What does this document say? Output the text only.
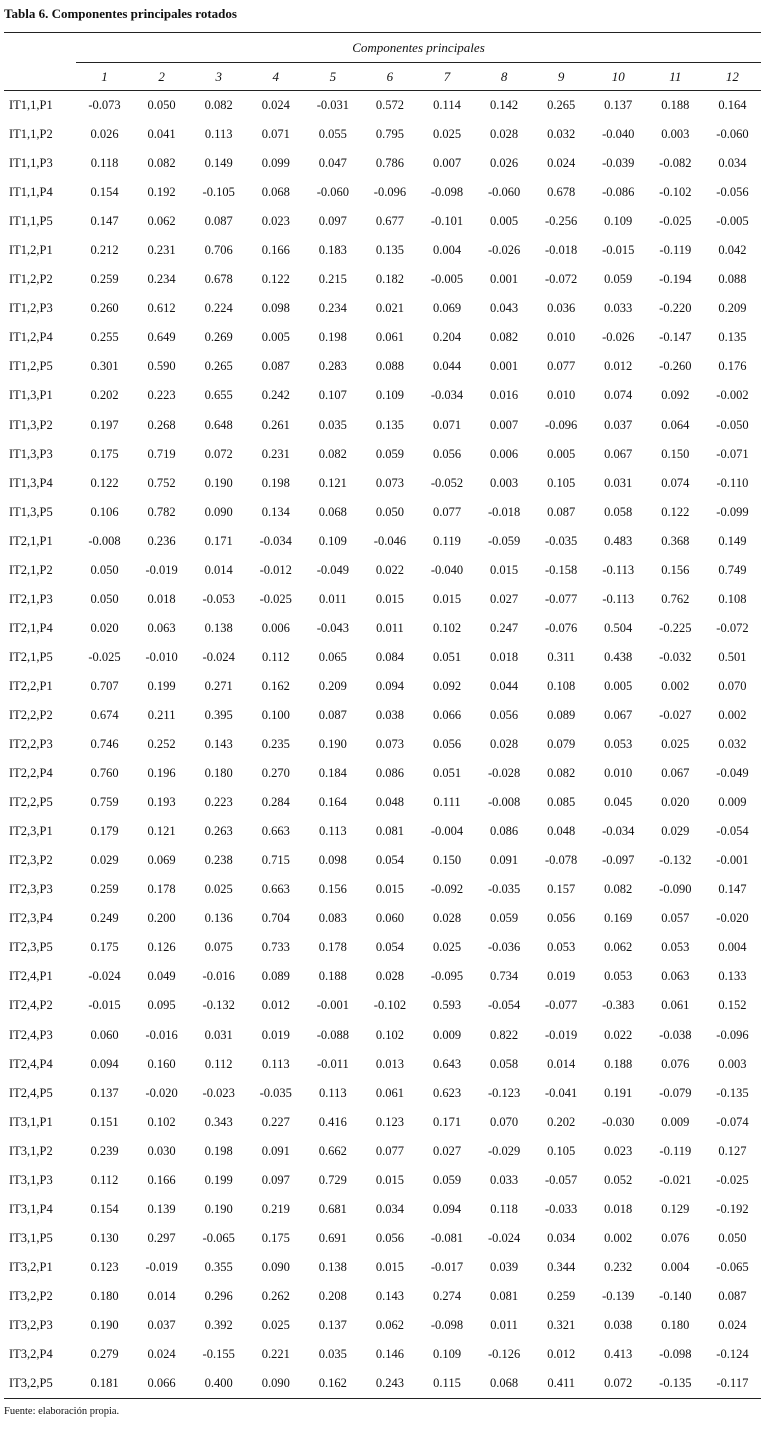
Tabla 6. Componentes principales rotados
	Componentes principales											
	1	2	3	4	5	6	7	8	9	10	11	12
IT1,1,P1	-0.073	0.050	0.082	0.024	-0.031	0.572	0.114	0.142	0.265	0.137	0.188	0.164
IT1,1,P2	0.026	0.041	0.113	0.071	0.055	0.795	0.025	0.028	0.032	-0.040	0.003	-0.060
IT1,1,P3	0.118	0.082	0.149	0.099	0.047	0.786	0.007	0.026	0.024	-0.039	-0.082	0.034
IT1,1,P4	0.154	0.192	-0.105	0.068	-0.060	-0.096	-0.098	-0.060	0.678	-0.086	-0.102	-0.056
IT1,1,P5	0.147	0.062	0.087	0.023	0.097	0.677	-0.101	0.005	-0.256	0.109	-0.025	-0.005
IT1,2,P1	0.212	0.231	0.706	0.166	0.183	0.135	0.004	-0.026	-0.018	-0.015	-0.119	0.042
IT1,2,P2	0.259	0.234	0.678	0.122	0.215	0.182	-0.005	0.001	-0.072	0.059	-0.194	0.088
IT1,2,P3	0.260	0.612	0.224	0.098	0.234	0.021	0.069	0.043	0.036	0.033	-0.220	0.209
IT1,2,P4	0.255	0.649	0.269	0.005	0.198	0.061	0.204	0.082	0.010	-0.026	-0.147	0.135
IT1,2,P5	0.301	0.590	0.265	0.087	0.283	0.088	0.044	0.001	0.077	0.012	-0.260	0.176
IT1,3,P1	0.202	0.223	0.655	0.242	0.107	0.109	-0.034	0.016	0.010	0.074	0.092	-0.002
IT1,3,P2	0.197	0.268	0.648	0.261	0.035	0.135	0.071	0.007	-0.096	0.037	0.064	-0.050
IT1,3,P3	0.175	0.719	0.072	0.231	0.082	0.059	0.056	0.006	0.005	0.067	0.150	-0.071
IT1,3,P4	0.122	0.752	0.190	0.198	0.121	0.073	-0.052	0.003	0.105	0.031	0.074	-0.110
IT1,3,P5	0.106	0.782	0.090	0.134	0.068	0.050	0.077	-0.018	0.087	0.058	0.122	-0.099
IT2,1,P1	-0.008	0.236	0.171	-0.034	0.109	-0.046	0.119	-0.059	-0.035	0.483	0.368	0.149
IT2,1,P2	0.050	-0.019	0.014	-0.012	-0.049	0.022	-0.040	0.015	-0.158	-0.113	0.156	0.749
IT2,1,P3	0.050	0.018	-0.053	-0.025	0.011	0.015	0.015	0.027	-0.077	-0.113	0.762	0.108
IT2,1,P4	0.020	0.063	0.138	0.006	-0.043	0.011	0.102	0.247	-0.076	0.504	-0.225	-0.072
IT2,1,P5	-0.025	-0.010	-0.024	0.112	0.065	0.084	0.051	0.018	0.311	0.438	-0.032	0.501
IT2,2,P1	0.707	0.199	0.271	0.162	0.209	0.094	0.092	0.044	0.108	0.005	0.002	0.070
IT2,2,P2	0.674	0.211	0.395	0.100	0.087	0.038	0.066	0.056	0.089	0.067	-0.027	0.002
IT2,2,P3	0.746	0.252	0.143	0.235	0.190	0.073	0.056	0.028	0.079	0.053	0.025	0.032
IT2,2,P4	0.760	0.196	0.180	0.270	0.184	0.086	0.051	-0.028	0.082	0.010	0.067	-0.049
IT2,2,P5	0.759	0.193	0.223	0.284	0.164	0.048	0.111	-0.008	0.085	0.045	0.020	0.009
IT2,3,P1	0.179	0.121	0.263	0.663	0.113	0.081	-0.004	0.086	0.048	-0.034	0.029	-0.054
IT2,3,P2	0.029	0.069	0.238	0.715	0.098	0.054	0.150	0.091	-0.078	-0.097	-0.132	-0.001
IT2,3,P3	0.259	0.178	0.025	0.663	0.156	0.015	-0.092	-0.035	0.157	0.082	-0.090	0.147
IT2,3,P4	0.249	0.200	0.136	0.704	0.083	0.060	0.028	0.059	0.056	0.169	0.057	-0.020
IT2,3,P5	0.175	0.126	0.075	0.733	0.178	0.054	0.025	-0.036	0.053	0.062	0.053	0.004
IT2,4,P1	-0.024	0.049	-0.016	0.089	0.188	0.028	-0.095	0.734	0.019	0.053	0.063	0.133
IT2,4,P2	-0.015	0.095	-0.132	0.012	-0.001	-0.102	0.593	-0.054	-0.077	-0.383	0.061	0.152
IT2,4,P3	0.060	-0.016	0.031	0.019	-0.088	0.102	0.009	0.822	-0.019	0.022	-0.038	-0.096
IT2,4,P4	0.094	0.160	0.112	0.113	-0.011	0.013	0.643	0.058	0.014	0.188	0.076	0.003
IT2,4,P5	0.137	-0.020	-0.023	-0.035	0.113	0.061	0.623	-0.123	-0.041	0.191	-0.079	-0.135
IT3,1,P1	0.151	0.102	0.343	0.227	0.416	0.123	0.171	0.070	0.202	-0.030	0.009	-0.074
IT3,1,P2	0.239	0.030	0.198	0.091	0.662	0.077	0.027	-0.029	0.105	0.023	-0.119	0.127
IT3,1,P3	0.112	0.166	0.199	0.097	0.729	0.015	0.059	0.033	-0.057	0.052	-0.021	-0.025
IT3,1,P4	0.154	0.139	0.190	0.219	0.681	0.034	0.094	0.118	-0.033	0.018	0.129	-0.192
IT3,1,P5	0.130	0.297	-0.065	0.175	0.691	0.056	-0.081	-0.024	0.034	0.002	0.076	0.050
IT3,2,P1	0.123	-0.019	0.355	0.090	0.138	0.015	-0.017	0.039	0.344	0.232	0.004	-0.065
IT3,2,P2	0.180	0.014	0.296	0.262	0.208	0.143	0.274	0.081	0.259	-0.139	-0.140	0.087
IT3,2,P3	0.190	0.037	0.392	0.025	0.137	0.062	-0.098	0.011	0.321	0.038	0.180	0.024
IT3,2,P4	0.279	0.024	-0.155	0.221	0.035	0.146	0.109	-0.126	0.012	0.413	-0.098	-0.124
IT3,2,P5	0.181	0.066	0.400	0.090	0.162	0.243	0.115	0.068	0.411	0.072	-0.135	-0.117
Fuente: elaboración propia.
